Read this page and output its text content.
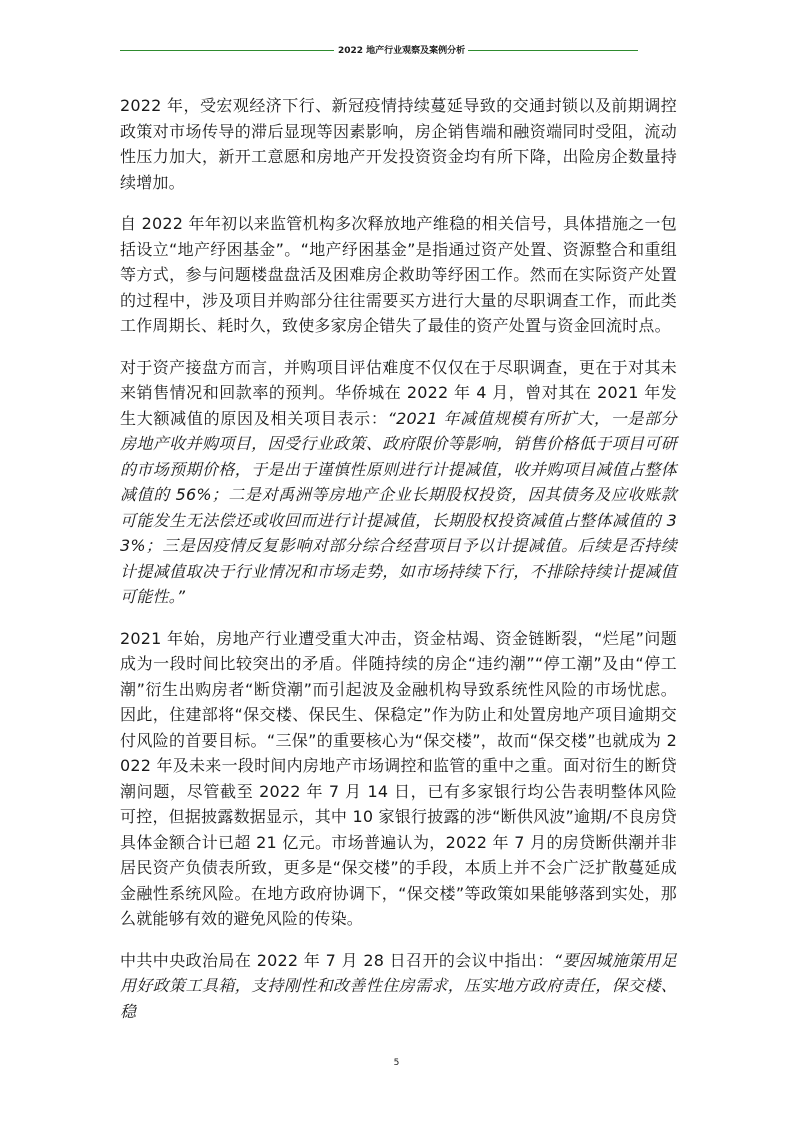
2022 地产行业观察及案例分析

2022 年，受宏观经济下行、新冠疫情持续蔓延导致的交通封锁以及前期调控政策对市场传导的滞后显现等因素影响，房企销售端和融资端同时受阻，流动性压力加大，新开工意愿和房地产开发投资资金均有所下降，出险房企数量持续增加。

自 2022 年年初以来监管机构多次释放地产维稳的相关信号，具体措施之一包括设立“地产纾困基金”。“地产纾困基金”是指通过资产处置、资源整合和重组等方式，参与问题楼盘盘活及困难房企救助等纾困工作。然而在实际资产处置的过程中，涉及项目并购部分往往需要买方进行大量的尽职调查工作，而此类工作周期长、耗时久，致使多家房企错失了最佳的资产处置与资金回流时点。

对于资产接盘方而言，并购项目评估难度不仅仅在于尽职调查，更在于对其未来销售情况和回款率的预判。华侨城在 2022 年 4 月，曾对其在 2021 年发生大额减值的原因及相关项目表示：“2021 年减值规模有所扩大，一是部分房地产收并购项目，因受行业政策、政府限价等影响，销售价格低于项目可研的市场预期价格，于是出于谨慎性原则进行计提减值，收并购项目减值占整体减值的 56%；二是对禹洲等房地产企业长期股权投资，因其债务及应收账款可能发生无法偿还或收回而进行计提减值，长期股权投资减值占整体减值的 33%；三是因疫情反复影响对部分综合经营项目予以计提减值。后续是否持续计提减值取决于行业情况和市场走势，如市场持续下行，不排除持续计提减值可能性。”

2021 年始，房地产行业遭受重大冲击，资金枯竭、资金链断裂，“烂尾”问题成为一段时间比较突出的矛盾。伴随持续的房企“违约潮”“停工潮”及由“停工潮”衍生出购房者“断贷潮”而引起波及金融机构导致系统性风险的市场忧虑。因此，住建部将“保交楼、保民生、保稳定”作为防止和处置房地产项目逾期交付风险的首要目标。“三保”的重要核心为“保交楼”，故而“保交楼”也就成为 2022 年及未来一段时间内房地产市场调控和监管的重中之重。面对衍生的断贷潮问题，尽管截至 2022 年 7 月 14 日，已有多家银行均公告表明整体风险可控，但据披露数据显示，其中 10 家银行披露的涉“断供风波”逾期/不良房贷具体金额合计已超 21 亿元。市场普遍认为，2022 年 7 月的房贷断供潮并非居民资产负债表所致，更多是“保交楼”的手段，本质上并不会广泛扩散蔓延成金融性系统风险。在地方政府协调下，“保交楼”等政策如果能够落到实处，那么就能够有效的避免风险的传染。

中共中央政治局在 2022 年 7 月 28 日召开的会议中指出：“要因城施策用足用好政策工具箱，支持刚性和改善性住房需求，压实地方政府责任，保交楼、稳

5
